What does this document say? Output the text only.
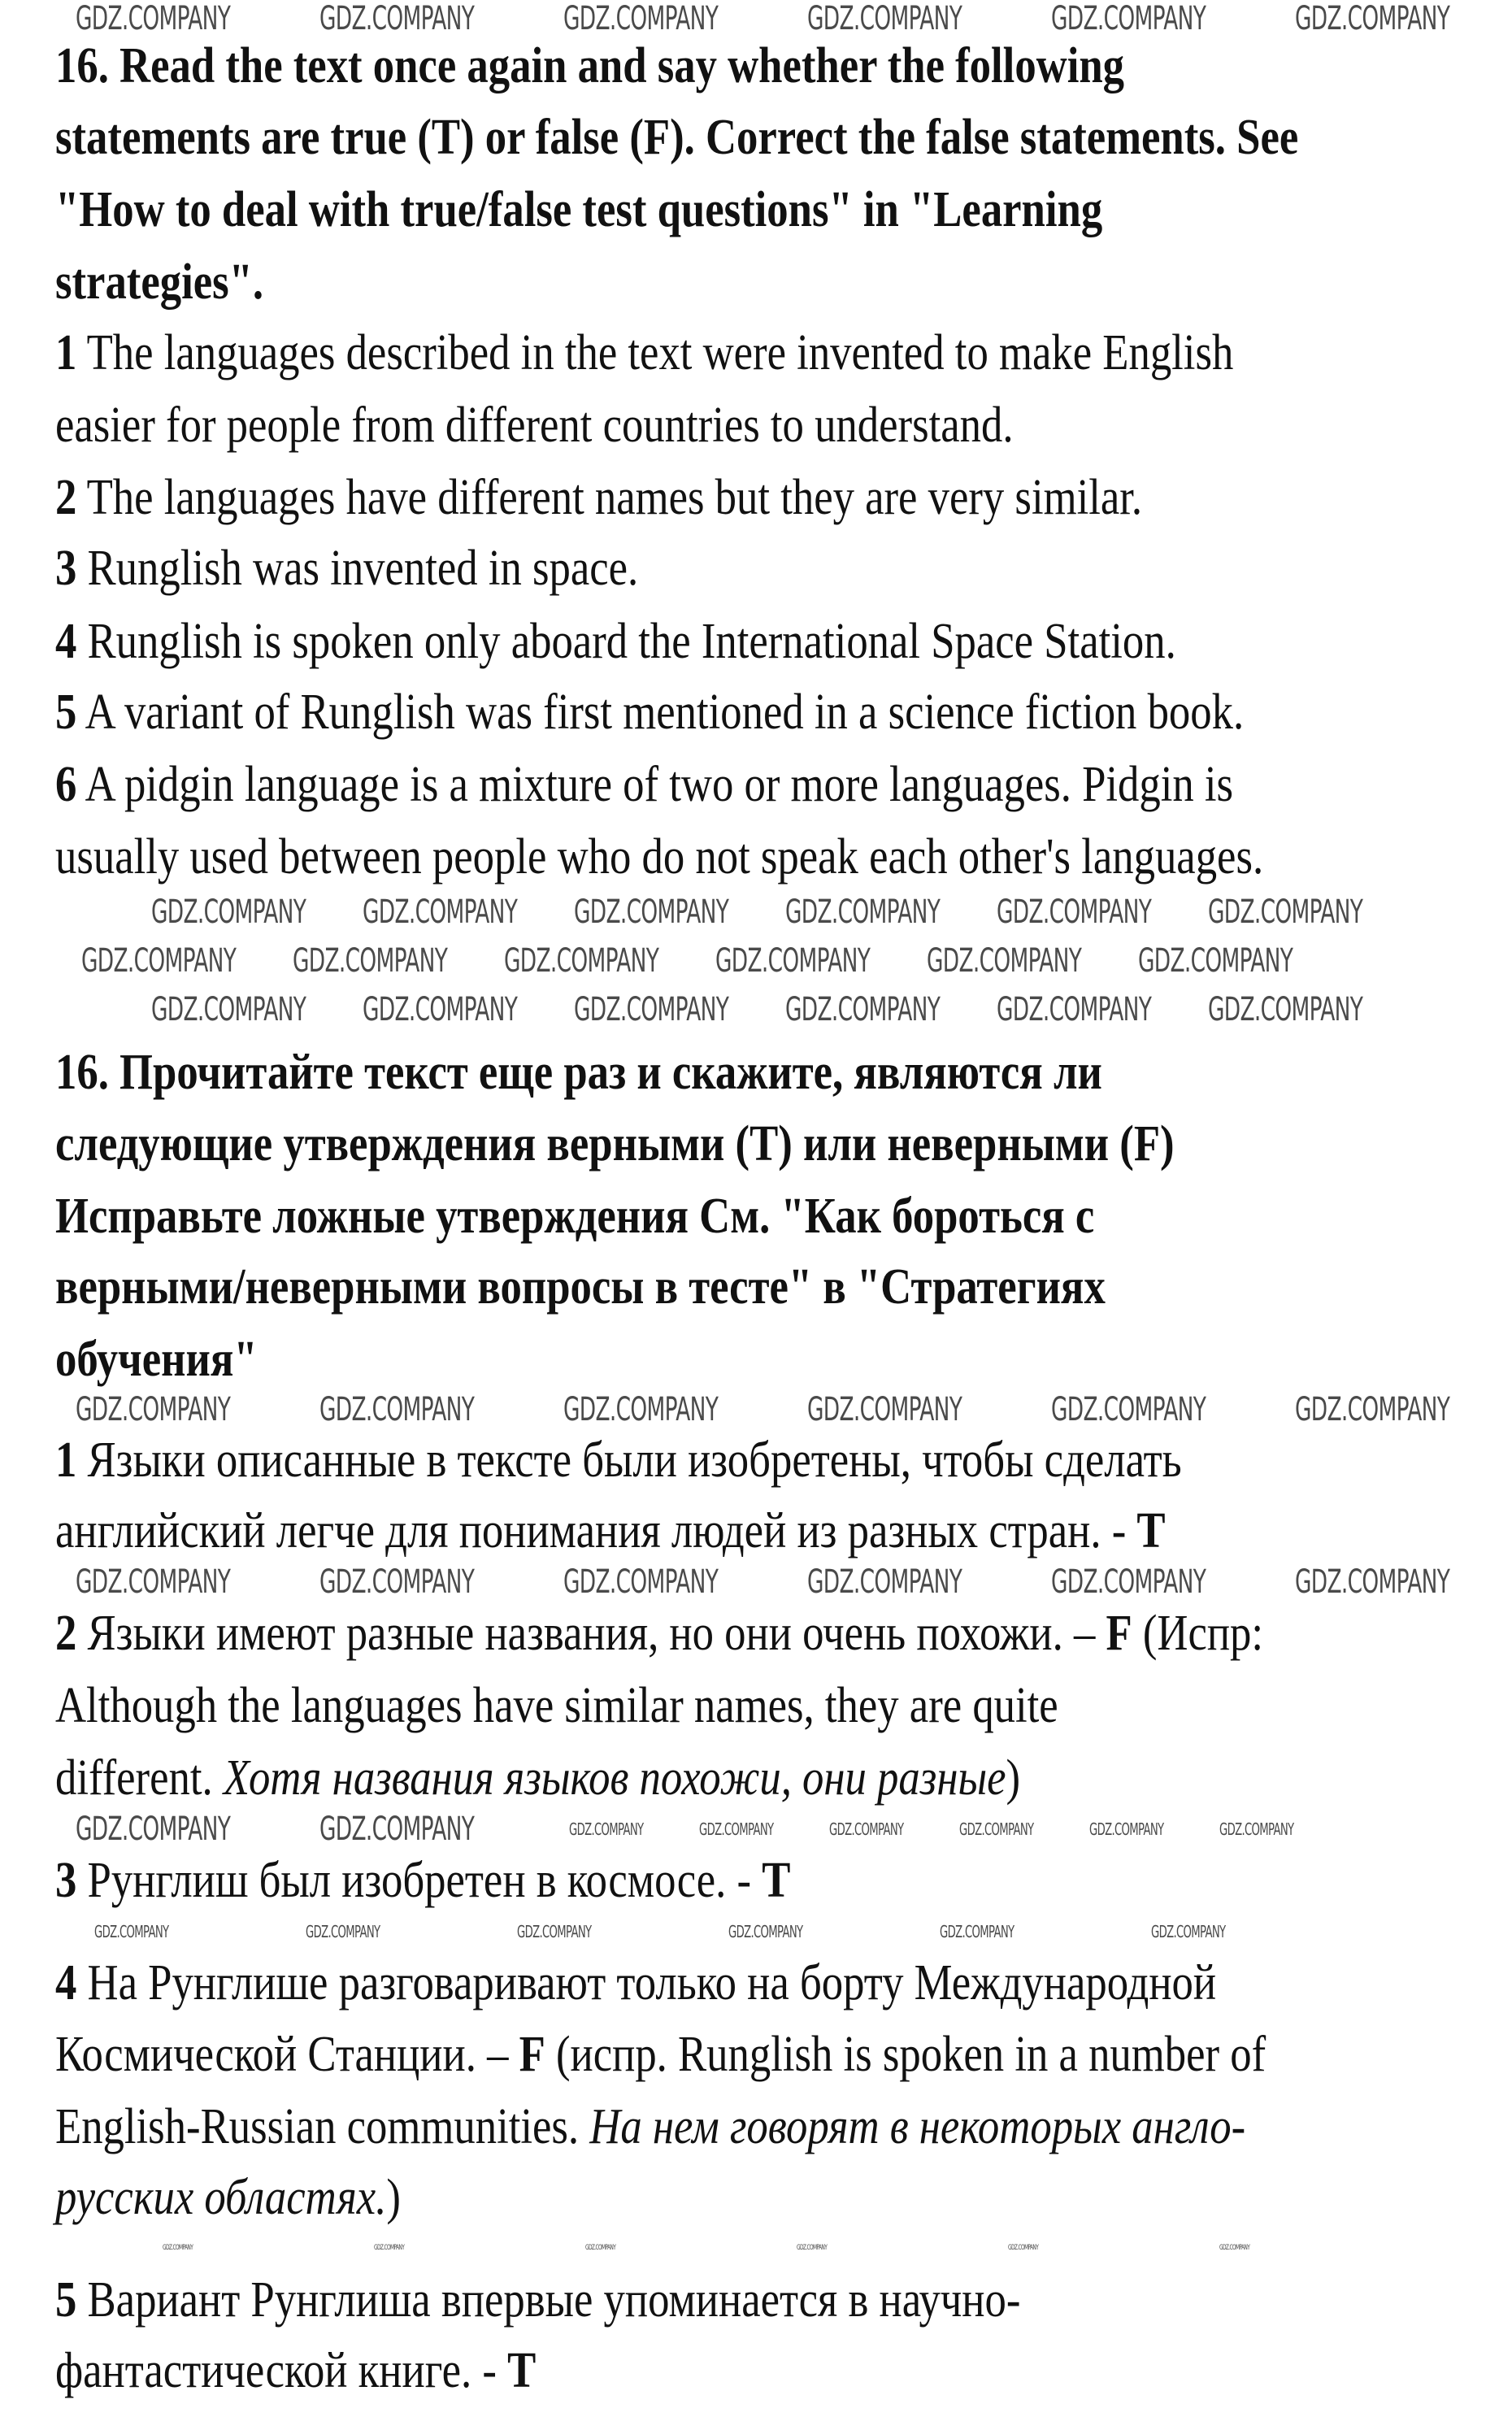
16. Read the text once again and say whether the following
statements are true (T) or false (F). Correct the false statements. See
"How to deal with true/false test questions" in "Learning
strategies".
1 The languages described in the text were invented to make English
easier for people from different countries to understand.
2 The languages have different names but they are very similar.
3 Runglish was invented in space.
4 Runglish is spoken only aboard the International Space Station.
5 A variant of Runglish was first mentioned in a science fiction book.
6 A pidgin language is a mixture of two or more languages. Pidgin is
usually used between people who do not speak each other's languages.
16. Прочитайте текст еще раз и скажите, являются ли
следующие утверждения верными (T) или неверными (F)
Исправьте ложные утверждения См. "Как бороться с
верными/неверными вопросы в тесте" в "Стратегиях
обучения"
1 Языки описанные в тексте были изобретены, чтобы сделать
английский легче для понимания людей из разных стран. - T
2 Языки имеют разные названия, но они очень похожи. – F (Испр:
Although the languages have similar names, they are quite
different. Хотя названия языков похожи, они разные)
3 Рунглиш был изобретен в космосе. - T
4 На Рунглише разговаривают только на борту Международной
Космической Станции. – F (испр. Runglish is spoken in a number of
English-Russian communities. На нем говорят в некоторых англо-
русских областях.)
5 Вариант Рунглиша впервые упоминается в научно-
фантастической книге. - T
GDZ.COMPANY	GDZ.COMPANY	GDZ.COMPANY	GDZ.COMPANY	GDZ.COMPANY	GDZ.COMPANY
GDZ.COMPANY GDZ.COMPANY GDZ.COMPANY GDZ.COMPANY GDZ.COMPANY GDZ.COMPANY
GDZ.COMPANY GDZ.COMPANY GDZ.COMPANY GDZ.COMPANY GDZ.COMPANY GDZ.COMPANY
GDZ.COMPANY GDZ.COMPANY GDZ.COMPANY GDZ.COMPANY GDZ.COMPANY GDZ.COMPANY
GDZ.COMPANY	GDZ.COMPANY	GDZ.COMPANY	GDZ.COMPANY	GDZ.COMPANY	GDZ.COMPANY
GDZ.COMPANY	GDZ.COMPANY	GDZ.COMPANY	GDZ.COMPANY	GDZ.COMPANY	GDZ.COMPANY
GDZ.COMPANY	GDZ.COMPANY	GDZ.COMPANY	GDZ.COMPANY	GDZ.COMPANY	GDZ.COMPANY	GDZ.COMPANY	GDZ.COMPANY
GDZ.COMPANY	GDZ.COMPANY	GDZ.COMPANY	GDZ.COMPANY	GDZ.COMPANY	GDZ.COMPANY
GDZ.COMPANY	GDZ.COMPANY	GDZ.COMPANY	GDZ.COMPANY	GDZ.COMPANY	GDZ.COMPANY
